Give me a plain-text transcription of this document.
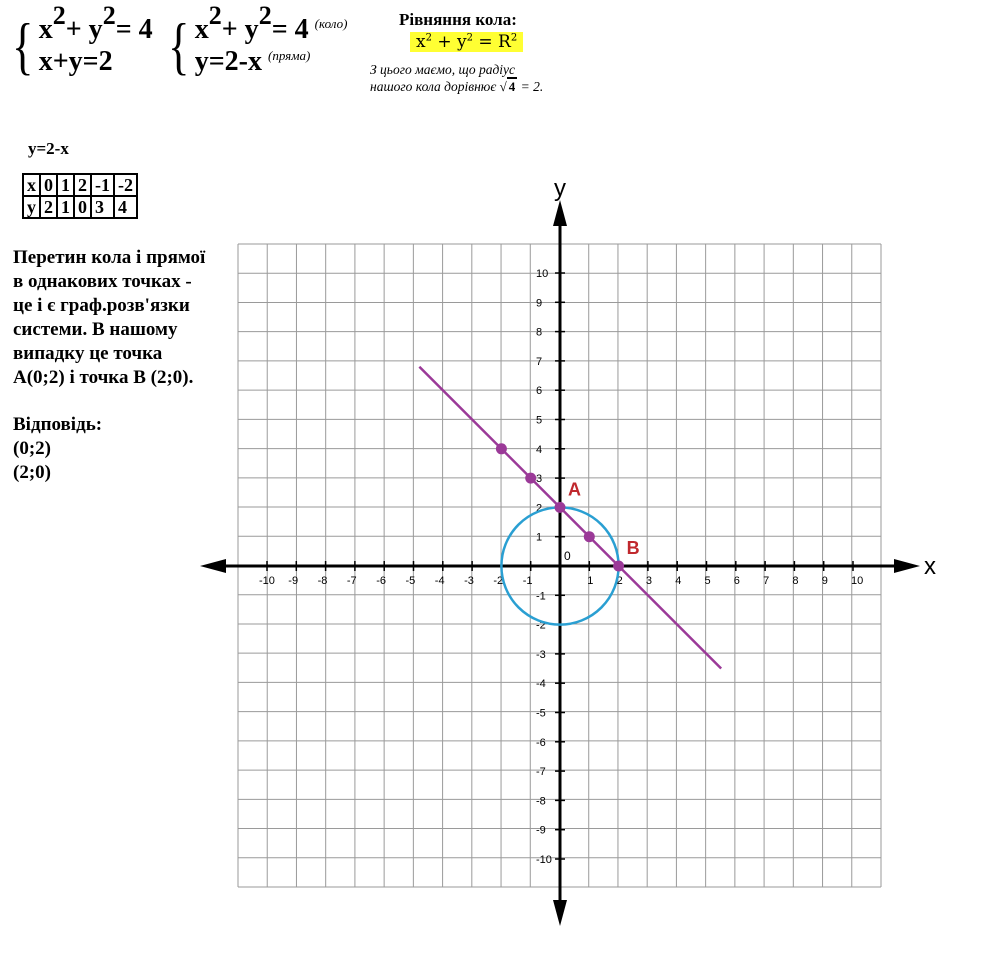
{ $x^2+ y^2= 4$
x+y=2 { $x^2+ y^2= 4$ $^{(коло)}$
y=2-x $^{(пряма)}$
Рівняння кола:
$x^2 + y^2 = R^2$
З цього маємо, що радіус
нашого кола дорівнює √ 4 = 2.
y=2-x
x	0	1	2	-1	-2
y	2	1	0	3	4
Перетин кола і прямої
в однакових точках -
це і є граф.розв'язки
системи. В нашому
випадку це точка
A(0;2) і точка B (2;0).
Відповідь:
(0;2)
(2;0)
x
y
-10 -9 -8 -7 -6 -5 -4 -3 -2 -1	1 2 3 4 5 6 7 8 9 10
-10
-9
-8
-7
-6
-5
-4
-3
-2
-1
1
2
3
4
5
6
7
8
9
10
0
A
B
